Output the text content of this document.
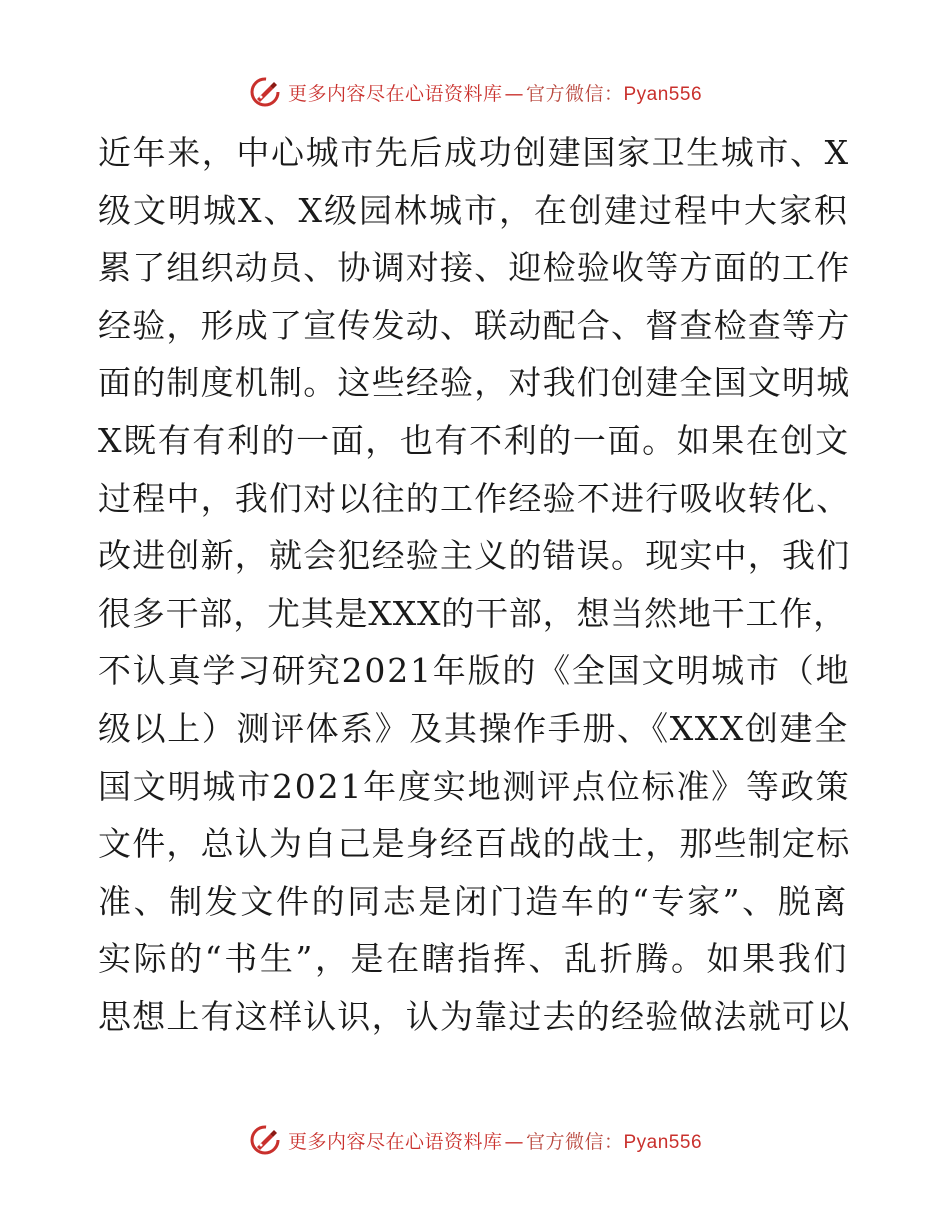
更多内容尽在心语资料库 — 官方微信：Pyan556
近年来，中心城市先后成功创建国家卫生城市、X
级文明城X、X级园林城市，在创建过程中大家积
累了组织动员、协调对接、迎检验收等方面的工作
经验，形成了宣传发动、联动配合、督查检查等方
面的制度机制。这些经验，对我们创建全国文明城
X既有有利的一面，也有不利的一面。如果在创文
过程中，我们对以往的工作经验不进行吸收转化、
改进创新，就会犯经验主义的错误。现实中，我们
很多干部，尤其是XXX的干部，想当然地干工作，
不认真学习研究2021年版的《全国文明城市（地
级以上）测评体系》及其操作手册、《XXX创建全
国文明城市2021年度实地测评点位标准》等政策
文件，总认为自己是身经百战的战士，那些制定标
准、制发文件的同志是闭门造车的“专家”、脱离
实际的“书生”，是在瞎指挥、乱折腾。如果我们
思想上有这样认识，认为靠过去的经验做法就可以
更多内容尽在心语资料库 — 官方微信：Pyan556
